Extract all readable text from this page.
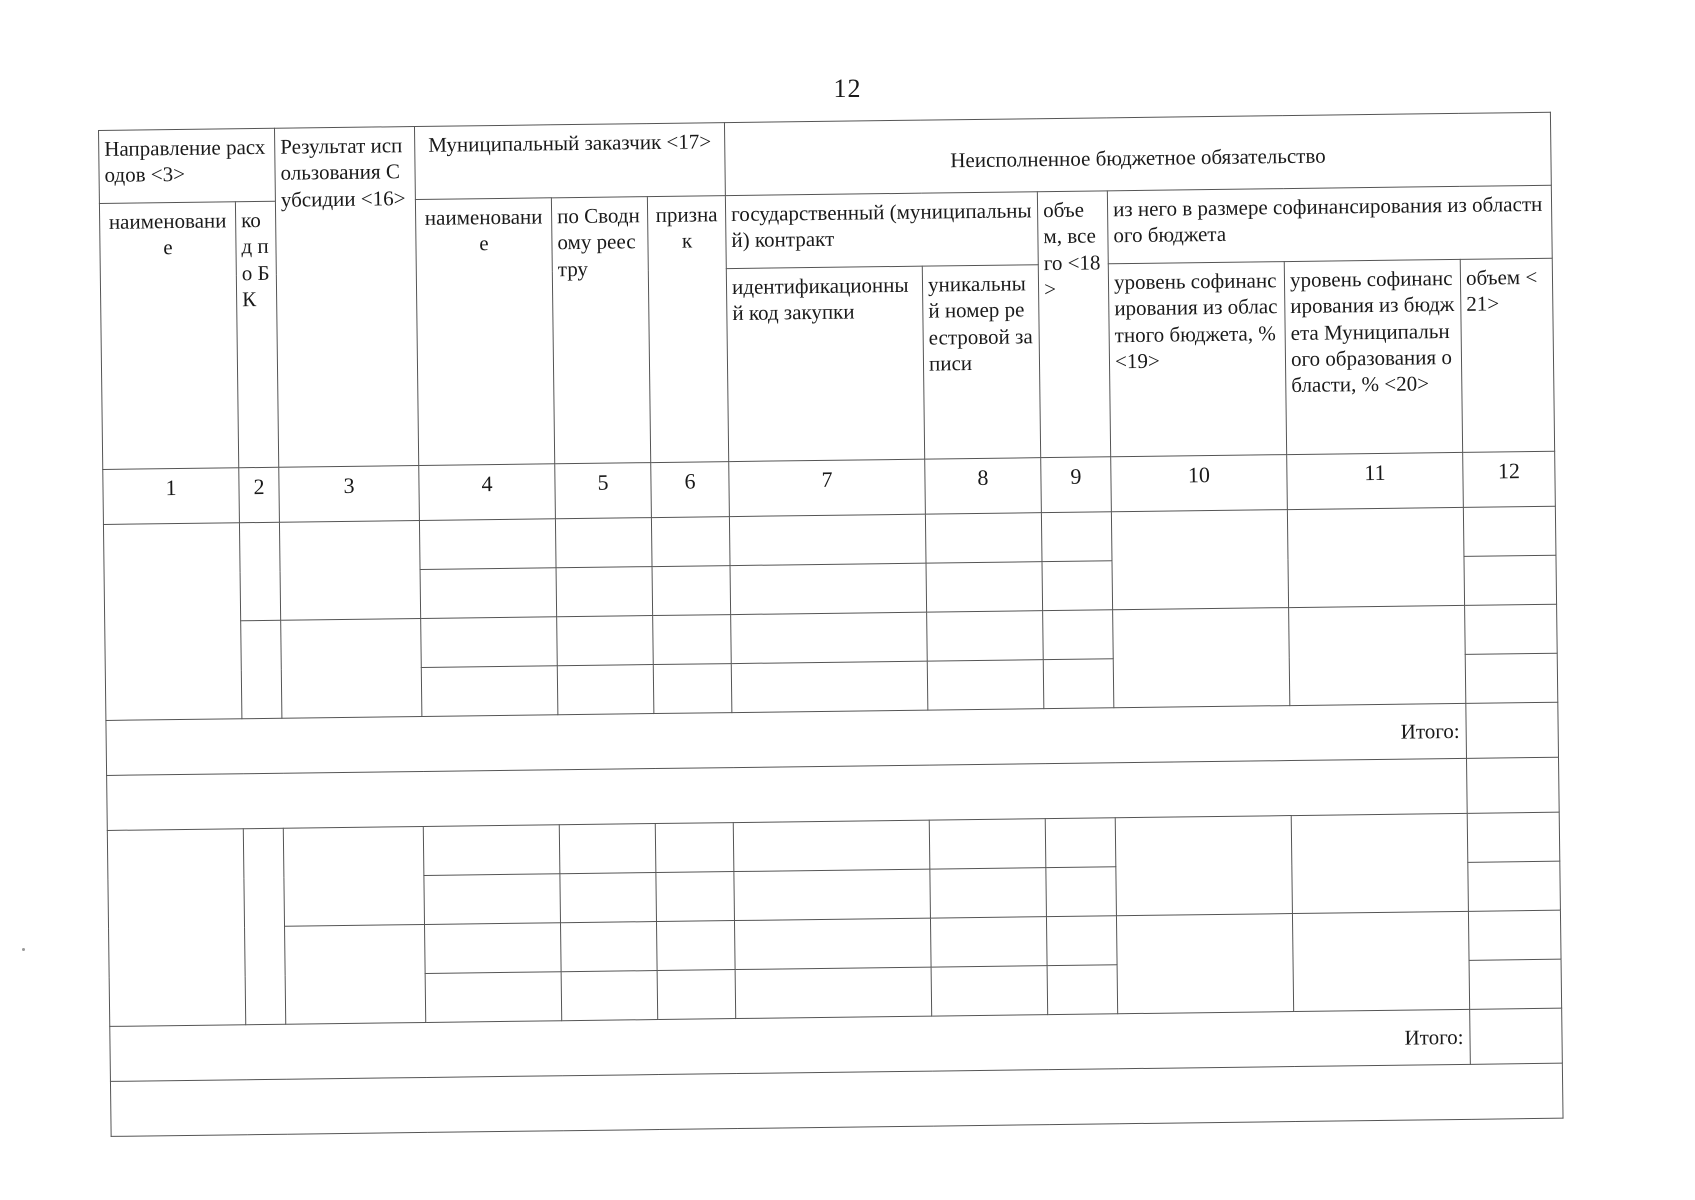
12
Направление расходов <3>		Результат использования Субсидии <16>	Муниципальный заказчик <17>			Неисполненное бюджетное обязательство					
наименование	код по БК		наименование	по Сводному реестру	признак	государственный (муниципальный) контракт		объем, всего <18>	из него в размере софинансирования из областного бюджета		
						идентификационный код закупки	уникальный номер реестровой записи		уровень софинансирования из областного бюджета, % <19>	уровень софинансирования из бюджета Муниципального образования области, % <20>	объем <21>
1	2	3	4	5	6	7	8	9	10	11	12

Итого:											

Итого:											
